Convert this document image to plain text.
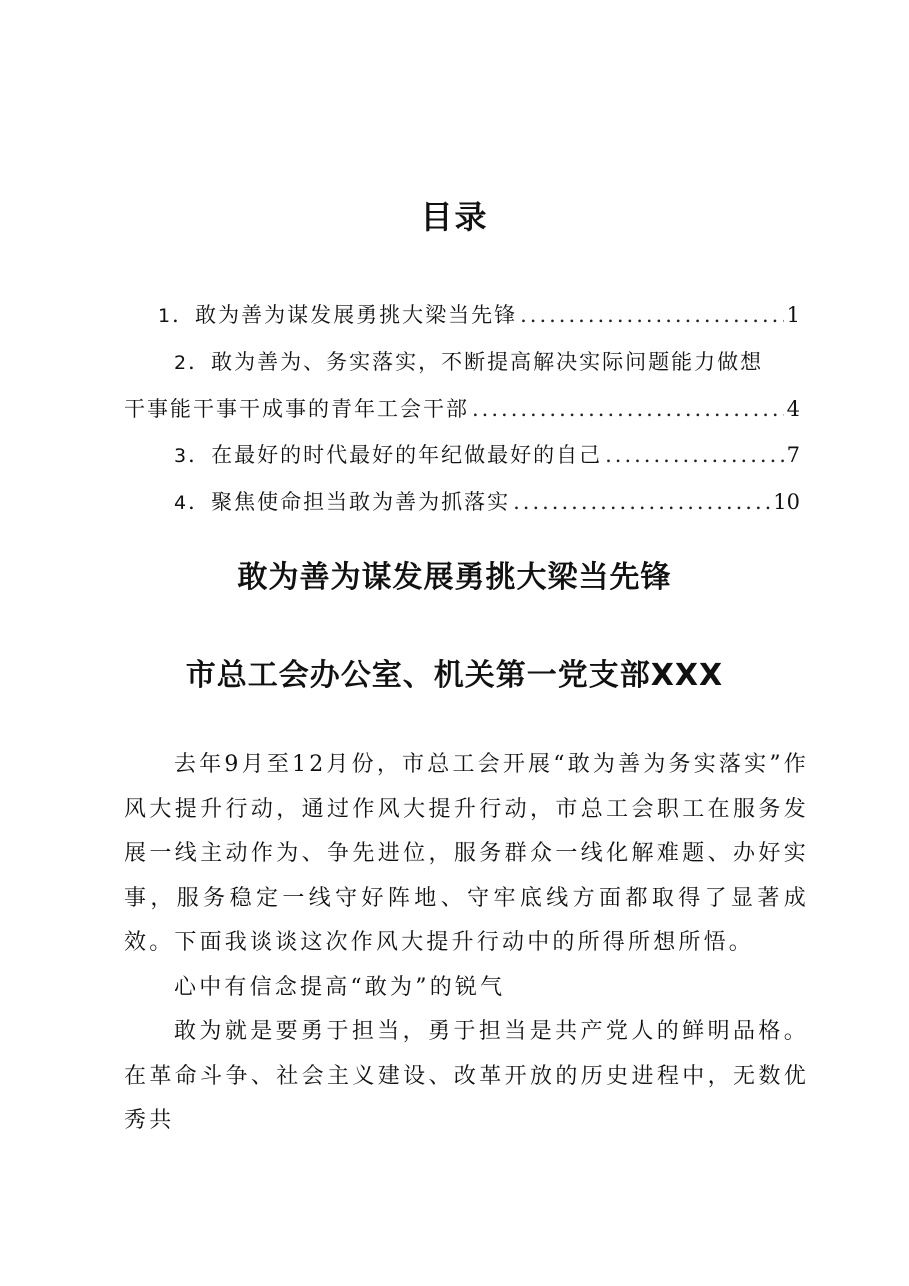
目录
1．敢为善为谋发展勇挑大梁当先锋 .....	1
2．敢为善为、务实落实，不断提高解决实际问题能力做想
干事能干事干成事的青年工会干部 .....	4
3．在最好的时代最好的年纪做最好的自己 .....	7
4．聚焦使命担当敢为善为抓落实 .....	10
敢为善为谋发展勇挑大梁当先锋
市总工会办公室、机关第一党支部XXX

去年9月至12月份，市总工会开展“敢为善为务实落实”作风大提升行动，通过作风大提升行动，市总工会职工在服务发展一线主动作为、争先进位，服务群众一线化解难题、办好实事，服务稳定一线守好阵地、守牢底线方面都取得了显著成效。下面我谈谈这次作风大提升行动中的所得所想所悟。

心中有信念提高“敢为”的锐气

敢为就是要勇于担当，勇于担当是共产党人的鲜明品格。在革命斗争、社会主义建设、改革开放的历史进程中，无数优秀共
